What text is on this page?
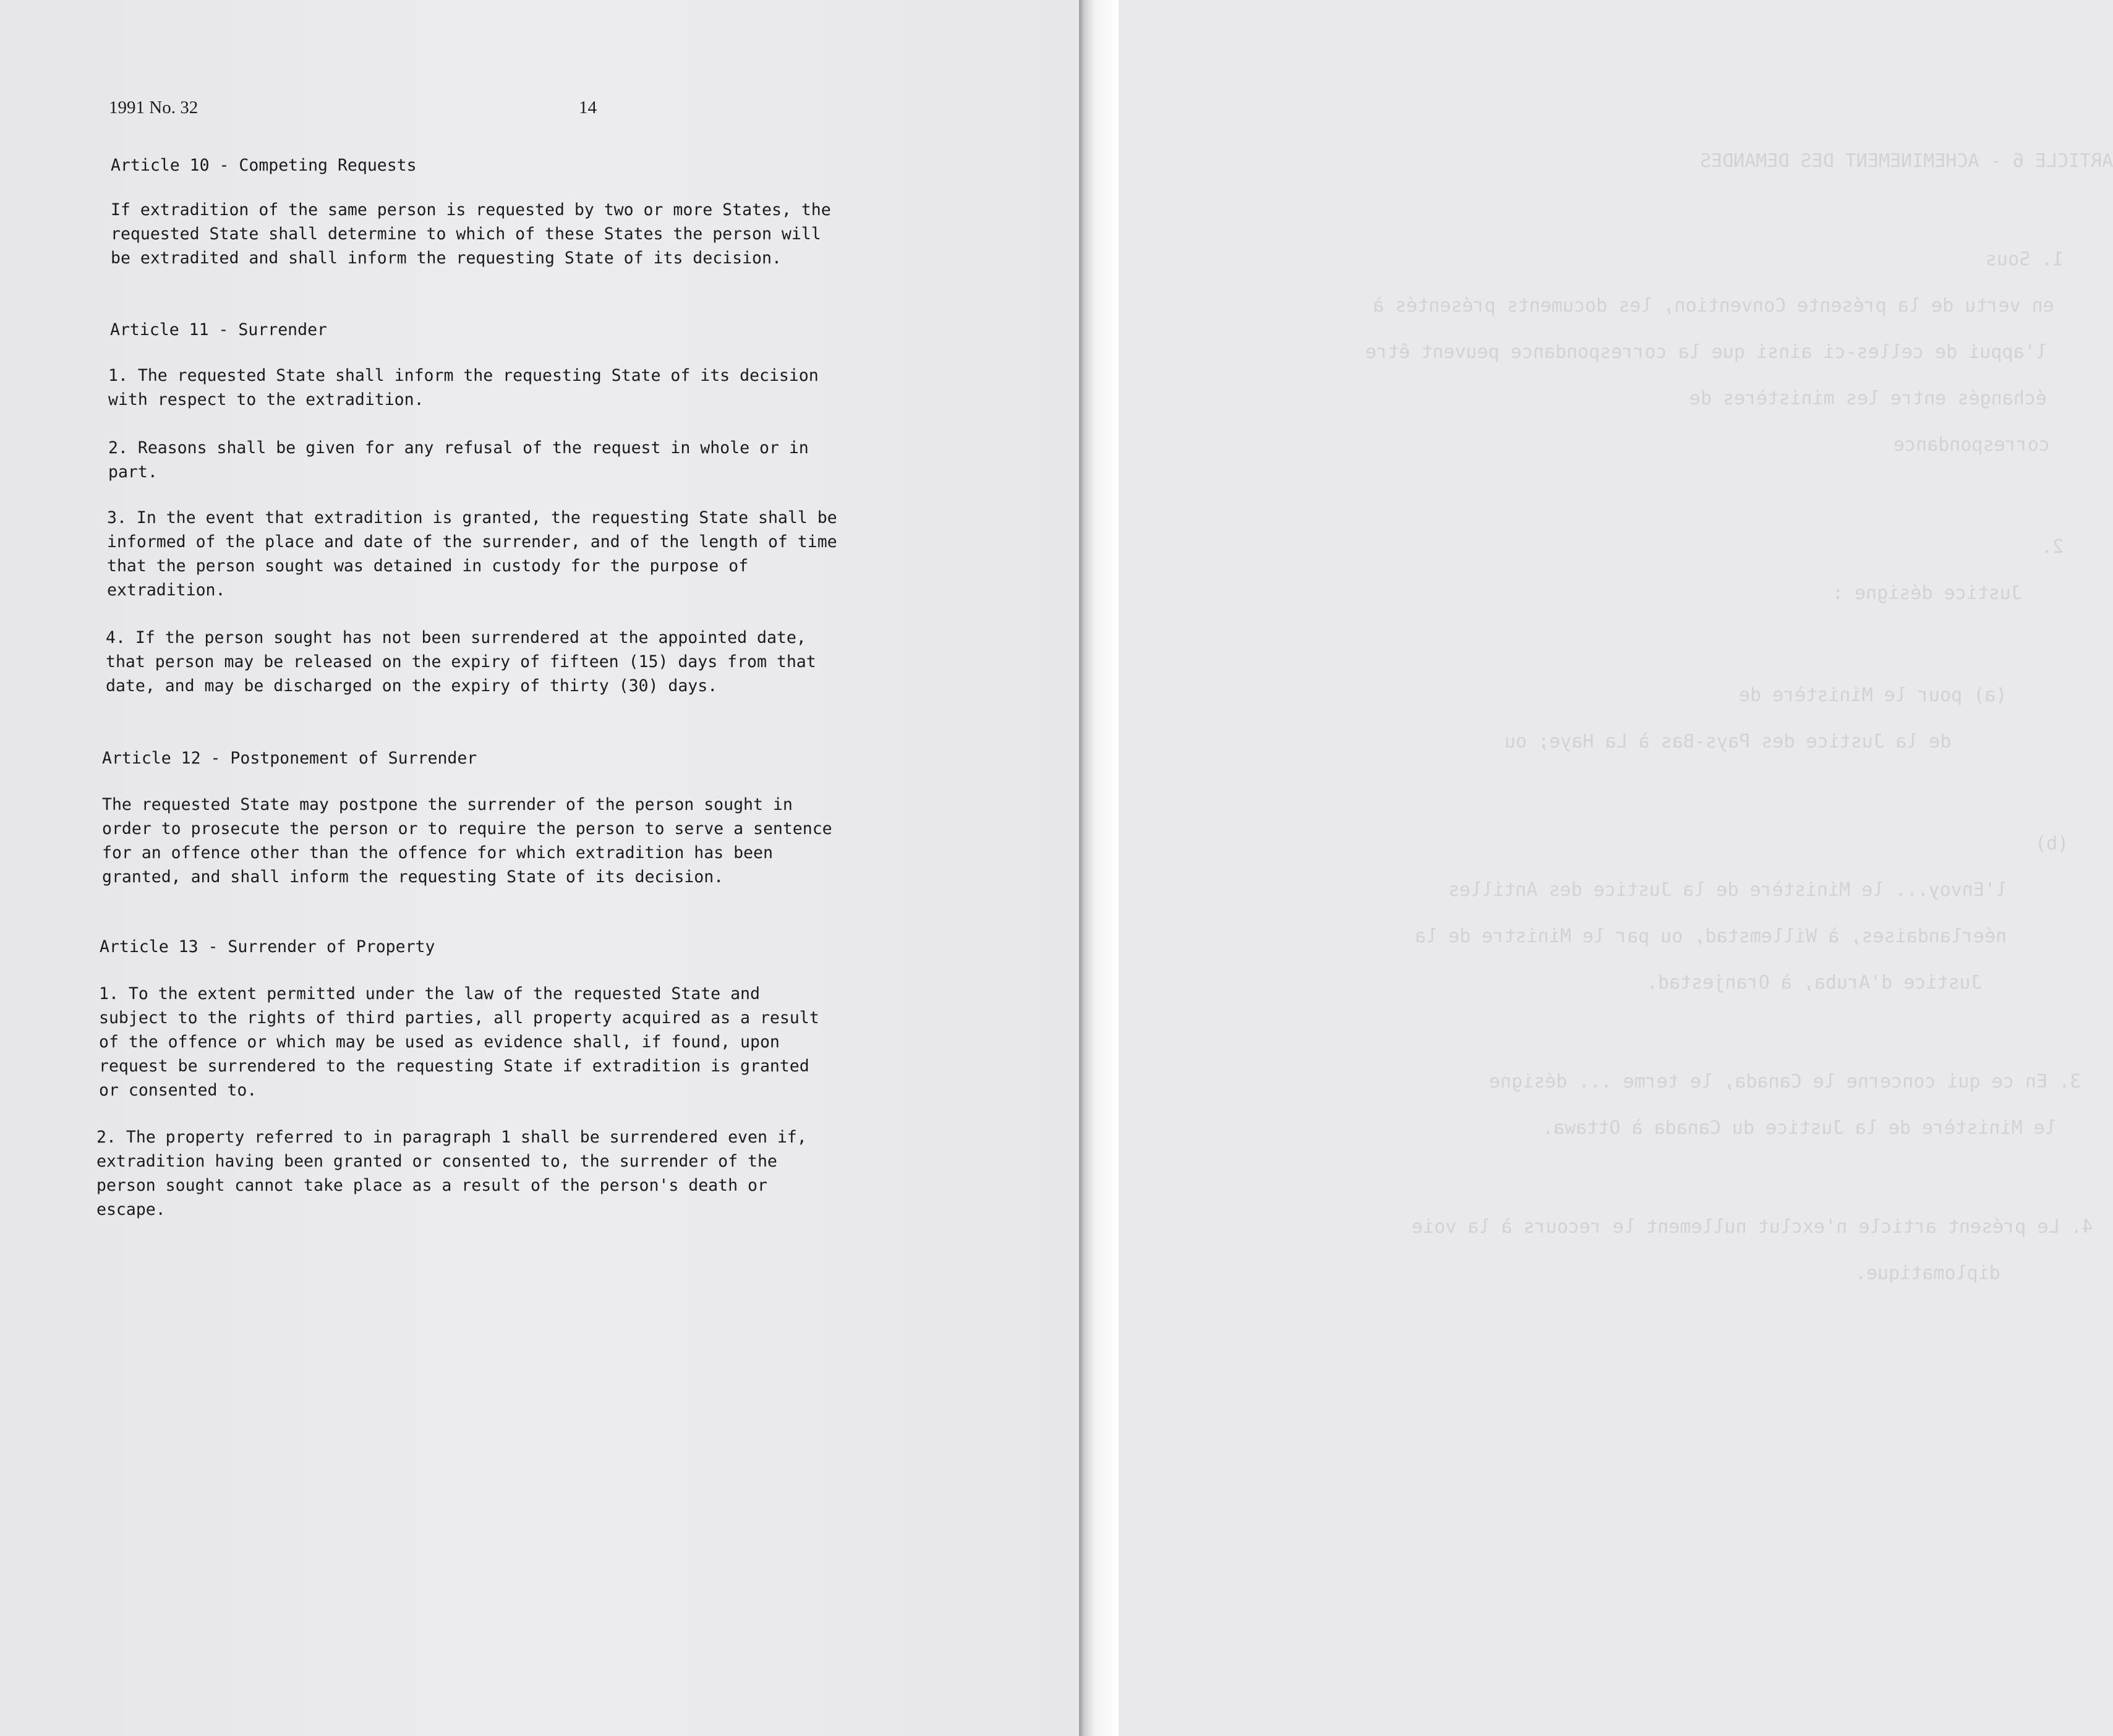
ARTICLE 6 - ACHEMINEMENT DES DEMANDES
1. Sous
en vertu de la présente Convention, les documents présentés à
l'appui de celles-ci ainsi que la correspondance peuvent être
échangés entre les ministères de
correspondance
2.
Justice désigne :
(a) pour le Ministère de
de la Justice des Pays-Bas à La Haye; ou
(b)
l'Envoy... le Ministère de la Justice des Antilles
néerlandaises, à Willemstad, ou par le Ministre de la
Justice d'Aruba, à Oranjestad.
3. En ce qui concerne le Canada, le terme ... désigne
le Ministère de la Justice du Canada à Ottawa.
4. Le présent article n'exclut nullement le recours à la voie
diplomatique.
1991 No. 32	14
Article 10 - Competing Requests
If extradition of the same person is requested by two or more States, the
requested State shall determine to which of these States the person will
be extradited and shall inform the requesting State of its decision.
Article 11 - Surrender
1. The requested State shall inform the requesting State of its decision
with respect to the extradition.
2. Reasons shall be given for any refusal of the request in whole or in
part.
3. In the event that extradition is granted, the requesting State shall be
informed of the place and date of the surrender, and of the length of time
that the person sought was detained in custody for the purpose of
extradition.
4. If the person sought has not been surrendered at the appointed date,
that person may be released on the expiry of fifteen (15) days from that
date, and may be discharged on the expiry of thirty (30) days.
Article 12 - Postponement of Surrender
The requested State may postpone the surrender of the person sought in
order to prosecute the person or to require the person to serve a sentence
for an offence other than the offence for which extradition has been
granted, and shall inform the requesting State of its decision.
Article 13 - Surrender of Property
1. To the extent permitted under the law of the requested State and
subject to the rights of third parties, all property acquired as a result
of the offence or which may be used as evidence shall, if found, upon
request be surrendered to the requesting State if extradition is granted
or consented to.
2. The property referred to in paragraph 1 shall be surrendered even if,
extradition having been granted or consented to, the surrender of the
person sought cannot take place as a result of the person's death or
escape.
